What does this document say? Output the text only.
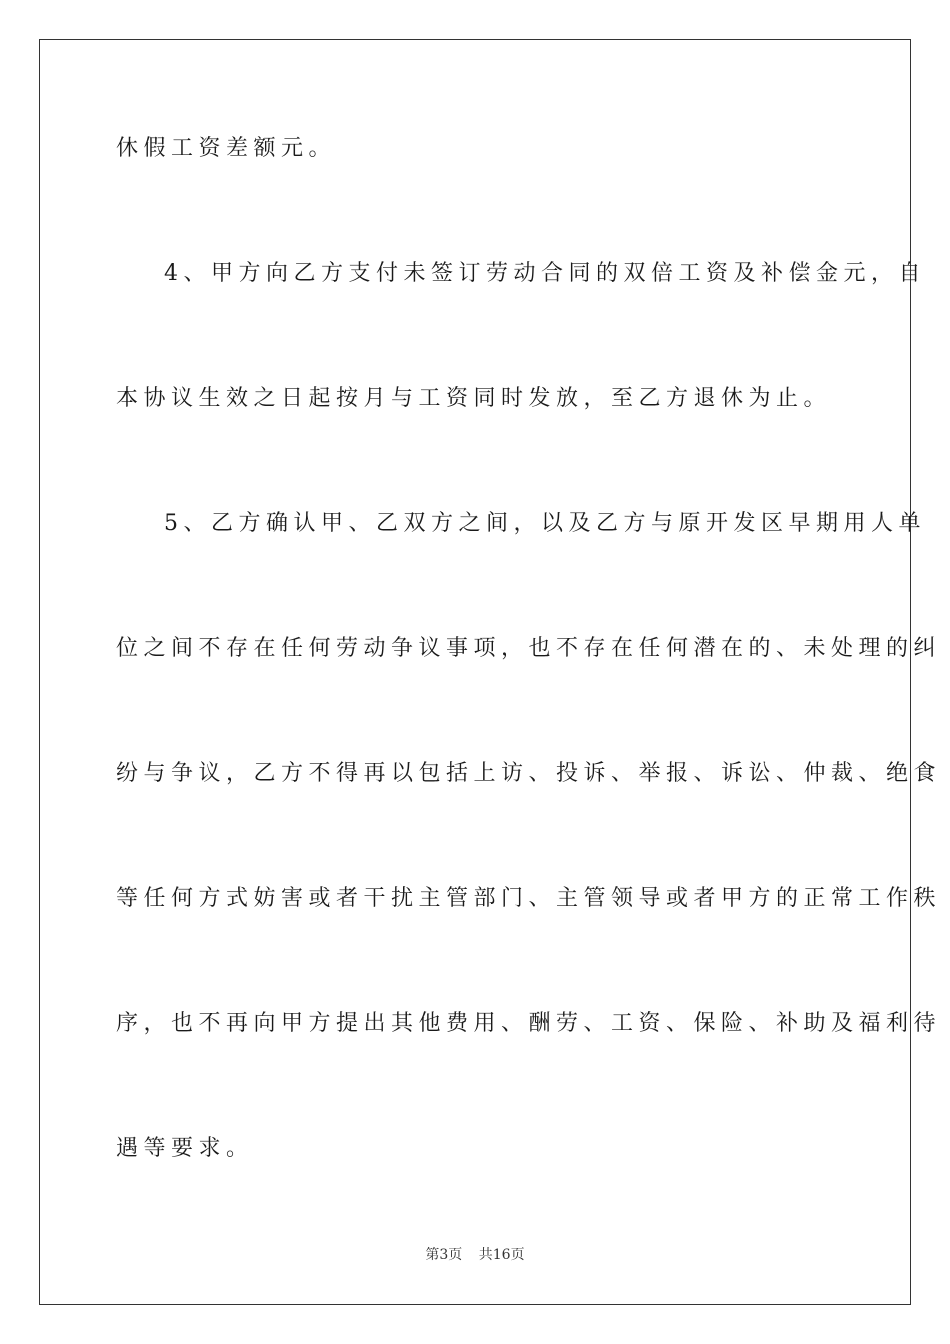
休假工资差额元。
4、甲方向乙方支付未签订劳动合同的双倍工资及补偿金元，自
本协议生效之日起按月与工资同时发放，至乙方退休为止。
5、乙方确认甲、乙双方之间，以及乙方与原开发区早期用人单
位之间不存在任何劳动争议事项，也不存在任何潜在的、未处理的纠
纷与争议，乙方不得再以包括上访、投诉、举报、诉讼、仲裁、绝食
等任何方式妨害或者干扰主管部门、主管领导或者甲方的正常工作秩
序，也不再向甲方提出其他费用、酬劳、工资、保险、补助及福利待
遇等要求。
第3页 共16页
